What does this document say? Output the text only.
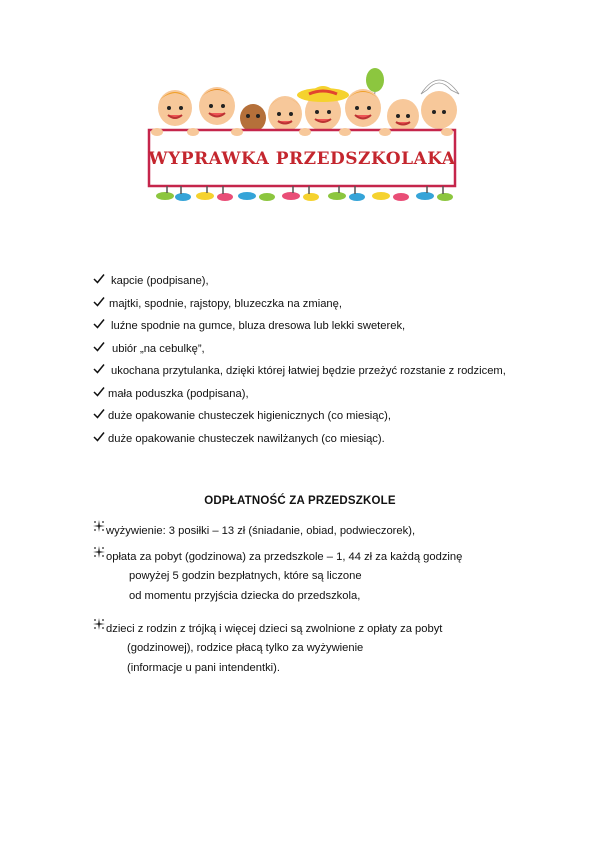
WYPRAWKA PRZEDSZKOLAKA
kapcie (podpisane),
majtki, spodnie, rajstopy, bluzeczka na zmianę,
luźne spodnie na gumce, bluza dresowa lub lekki sweterek,
ubiór „na cebulkę”,
ukochana przytulanka, dzięki której łatwiej będzie przeżyć rozstanie z rodzicem,
mała poduszka (podpisana),
duże opakowanie chusteczek higienicznych (co miesiąc),
duże opakowanie chusteczek nawilżanych (co miesiąc).
ODPŁATNOŚĆ ZA PRZEDSZKOLE
wyżywienie: 3 posiłki – 13 zł (śniadanie, obiad, podwieczorek),
opłata za pobyt (godzinowa) za przedszkole – 1, 44 zł za każdą godzinę
powyżej 5 godzin bezpłatnych, które są liczone
od momentu przyjścia dziecka do przedszkola,
dzieci z rodzin z trójką i więcej dzieci są zwolnione z opłaty za pobyt
(godzinowej), rodzice płacą tylko za wyżywienie
(informacje u pani intendentki).
